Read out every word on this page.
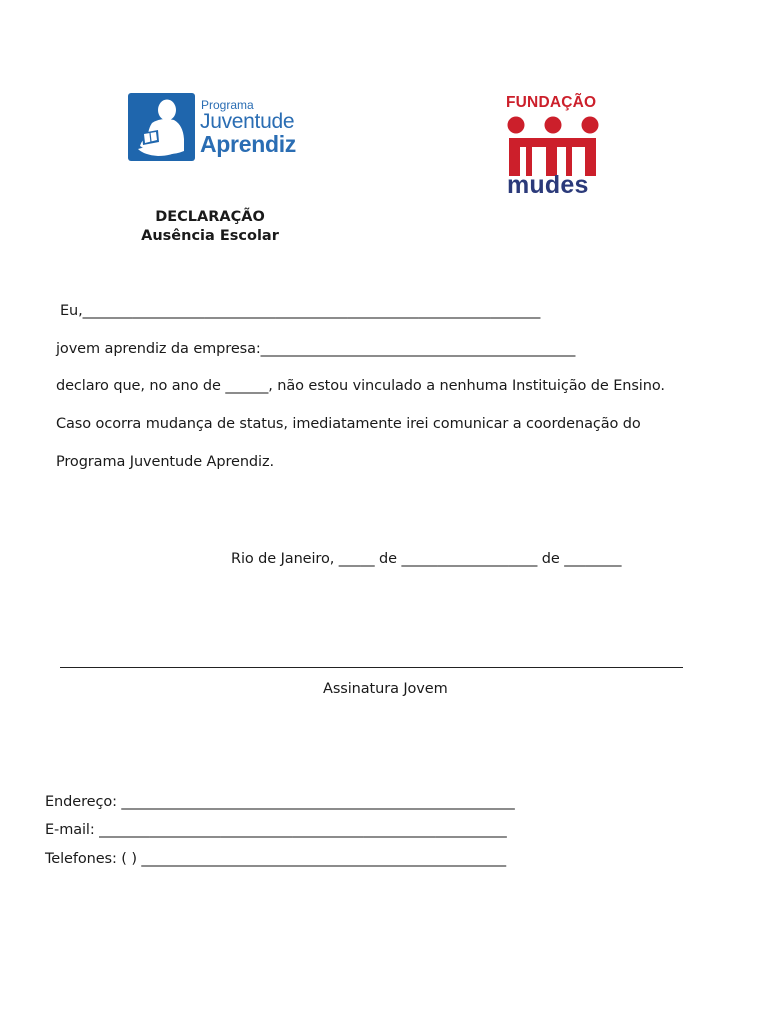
Programa
Juventude
Aprendiz
FUNDAÇÃO
mudes
DECLARAÇÃO
Ausência Escolar
Eu,________________________________________________________________
jovem aprendiz da empresa:____________________________________________
declaro que, no ano de ______, não estou vinculado a nenhuma Instituição de Ensino.
Caso ocorra mudança de status, imediatamente irei comunicar a coordenação do
Programa Juventude Aprendiz.
Rio de Janeiro, _____ de ___________________ de ________
Assinatura Jovem
Endereço: _______________________________________________________
E-mail: _________________________________________________________
Telefones: ( ) ___________________________________________________
